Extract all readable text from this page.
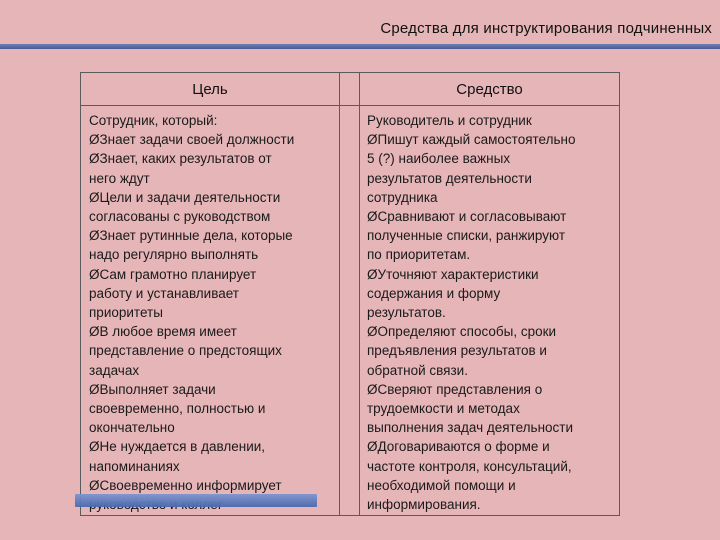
Средства для инструктирования подчиненных
Цель	Средство
Сотрудник, который:
ØЗнает задачи своей должности
ØЗнает, каких результатов от
него ждут
ØЦели и задачи деятельности
согласованы с руководством
ØЗнает рутинные дела, которые
надо регулярно выполнять
ØСам грамотно планирует
работу и устанавливает
приоритеты
ØВ любое время имеет
представление о предстоящих
задачах
ØВыполняет задачи
своевременно, полностью и
окончательно
ØНе нуждается в давлении,
напоминаниях
ØСвоевременно информирует
Руководитель и сотрудник
ØПишут каждый самостоятельно
5 (?) наиболее важных
результатов деятельности
сотрудника
ØСравнивают и согласовывают
полученные списки, ранжируют
по приоритетам.
ØУточняют характеристики
содержания и форму
результатов.
ØОпределяют способы, сроки
предъявления результатов и
обратной связи.
ØСверяют представления о
трудоемкости и методах
выполнения задач деятельности
ØДоговариваются о форме и
частоте контроля, консультаций,
необходимой помощи и
информирования.
